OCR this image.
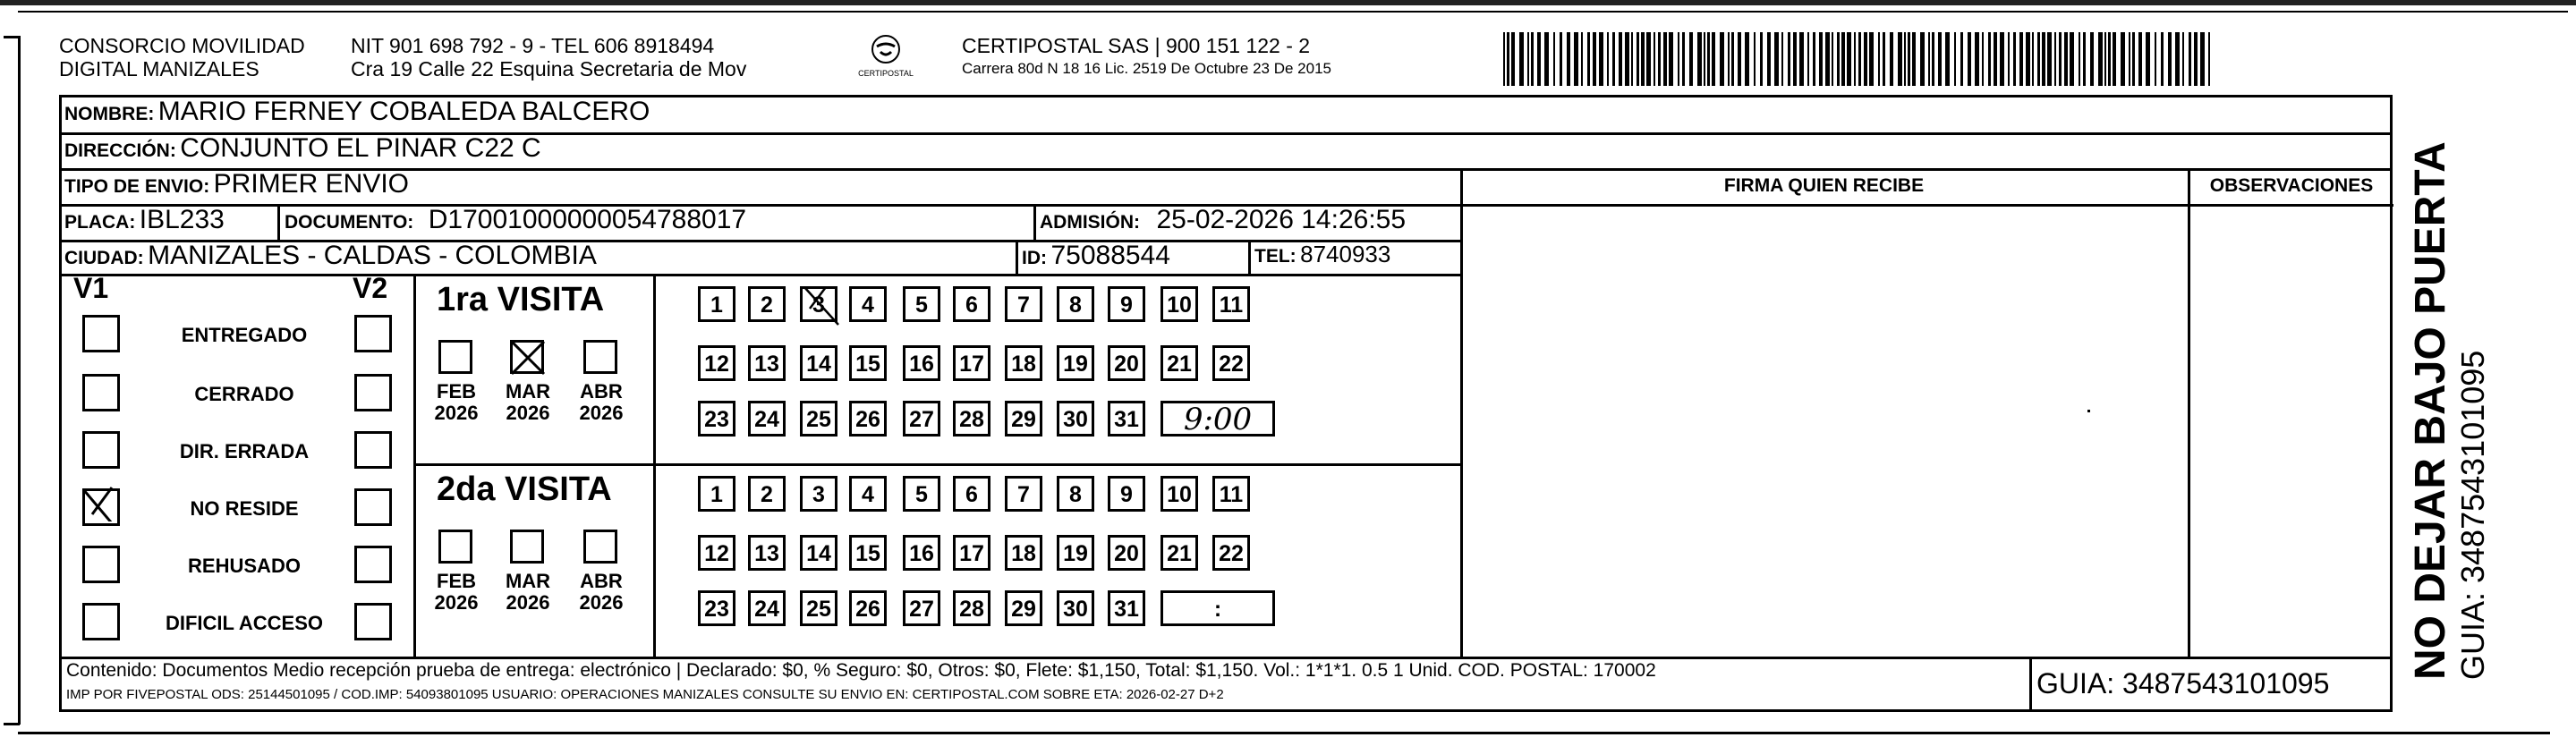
CONSORCIO MOVILIDAD
DIGITAL MANIZALES
NIT 901 698 792 - 9 - TEL 606 8918494
Cra 19 Calle 22 Esquina Secretaria de Mov	CERTIPOSTAL
CERTIPOSTAL SAS | 900 151 122 - 2
Carrera 80d N 18 16 Lic. 2519 De Octubre 23 De 2015
NOMBRE: MARIO FERNEY COBALEDA BALCERO
DIRECCIÓN: CONJUNTO EL PINAR C22 C
TIPO DE ENVIO: PRIMER ENVIO	FIRMA QUIEN RECIBE	OBSERVACIONES
PLACA: IBL233	DOCUMENTO: D17001000000054788017	ADMISIÓN: 25-02-2026 14:26:55
CIUDAD: MANIZALES - CALDAS - COLOMBIA	ID: 75088544	TEL: 8740933
V1	V2
ENTREGADO
CERRADO
DIR. ERRADA
NO RESIDE
REHUSADO
DIFICIL ACCESO
1ra VISITA
2da VISITA
FEB
2026
MAR
2026
ABR
2026
1	2	3	4	5	6	7	8	9	10	11
12 13 14 15 16 17 18 19 20 21 22
23 24 25 26 27 28 29 30 31	9:00
FEB
2026
MAR
2026
ABR
2026
1	2	3	4	5	6	7	8	9	10	11
12 13 14 15 16 17 18 19 20 21 22
23 24 25 26 27 28 29 30 31	:
Contenido: Documentos Medio recepción prueba de entrega: electrónico | Declarado: $0, % Seguro: $0, Otros: $0, Flete: $1,150, Total: $1,150. Vol.: 1*1*1. 0.5 1 Unid. COD. POSTAL: 170002
IMP POR FIVEPOSTAL ODS: 25144501095 / COD.IMP: 54093801095 USUARIO: OPERACIONES MANIZALES CONSULTE SU ENVIO EN: CERTIPOSTAL.COM SOBRE ETA: 2026-02-27 D+2	GUIA: 3487543101095
NO DEJAR BAJO PUERTA GUIA: 3487543101095
